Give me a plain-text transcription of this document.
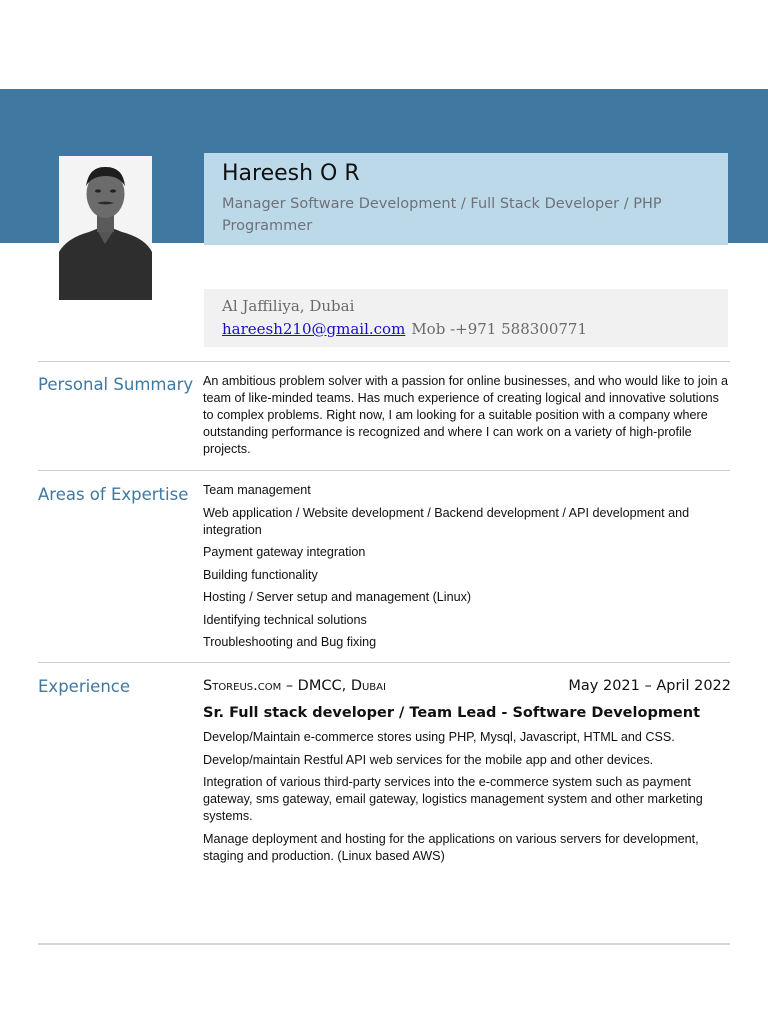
Hareesh O R
Manager Software Development / Full Stack Developer / PHP Programmer
Al Jaffiliya, Dubai
hareesh210@gmail.com Mob -+971 588300771
Personal Summary An ambitious problem solver with a passion for online businesses, and who would like to join a team of like-minded teams. Has much experience of creating logical and innovative solutions to complex problems. Right now, I am looking for a suitable position with a company where outstanding performance is recognized and where I can work on a variety of high-profile projects.

Areas of Expertise Team management

Web application / Website development / Backend development / API development and integration

Payment gateway integration

Building functionality

Hosting / Server setup and management (Linux)

Identifying technical solutions

Troubleshooting and Bug fixing

Experience	Storeus.com – DMCC, Dubai	May 2021 – April 2022
Sr. Full stack developer / Team Lead - Software Development

Develop/Maintain e-commerce stores using PHP, Mysql, Javascript, HTML and CSS.

Develop/maintain Restful API web services for the mobile app and other devices.

Integration of various third-party services into the e-commerce system such as payment gateway, sms gateway, email gateway, logistics management system and other marketing systems.

Manage deployment and hosting for the applications on various servers for development, staging and production. (Linux based AWS)
